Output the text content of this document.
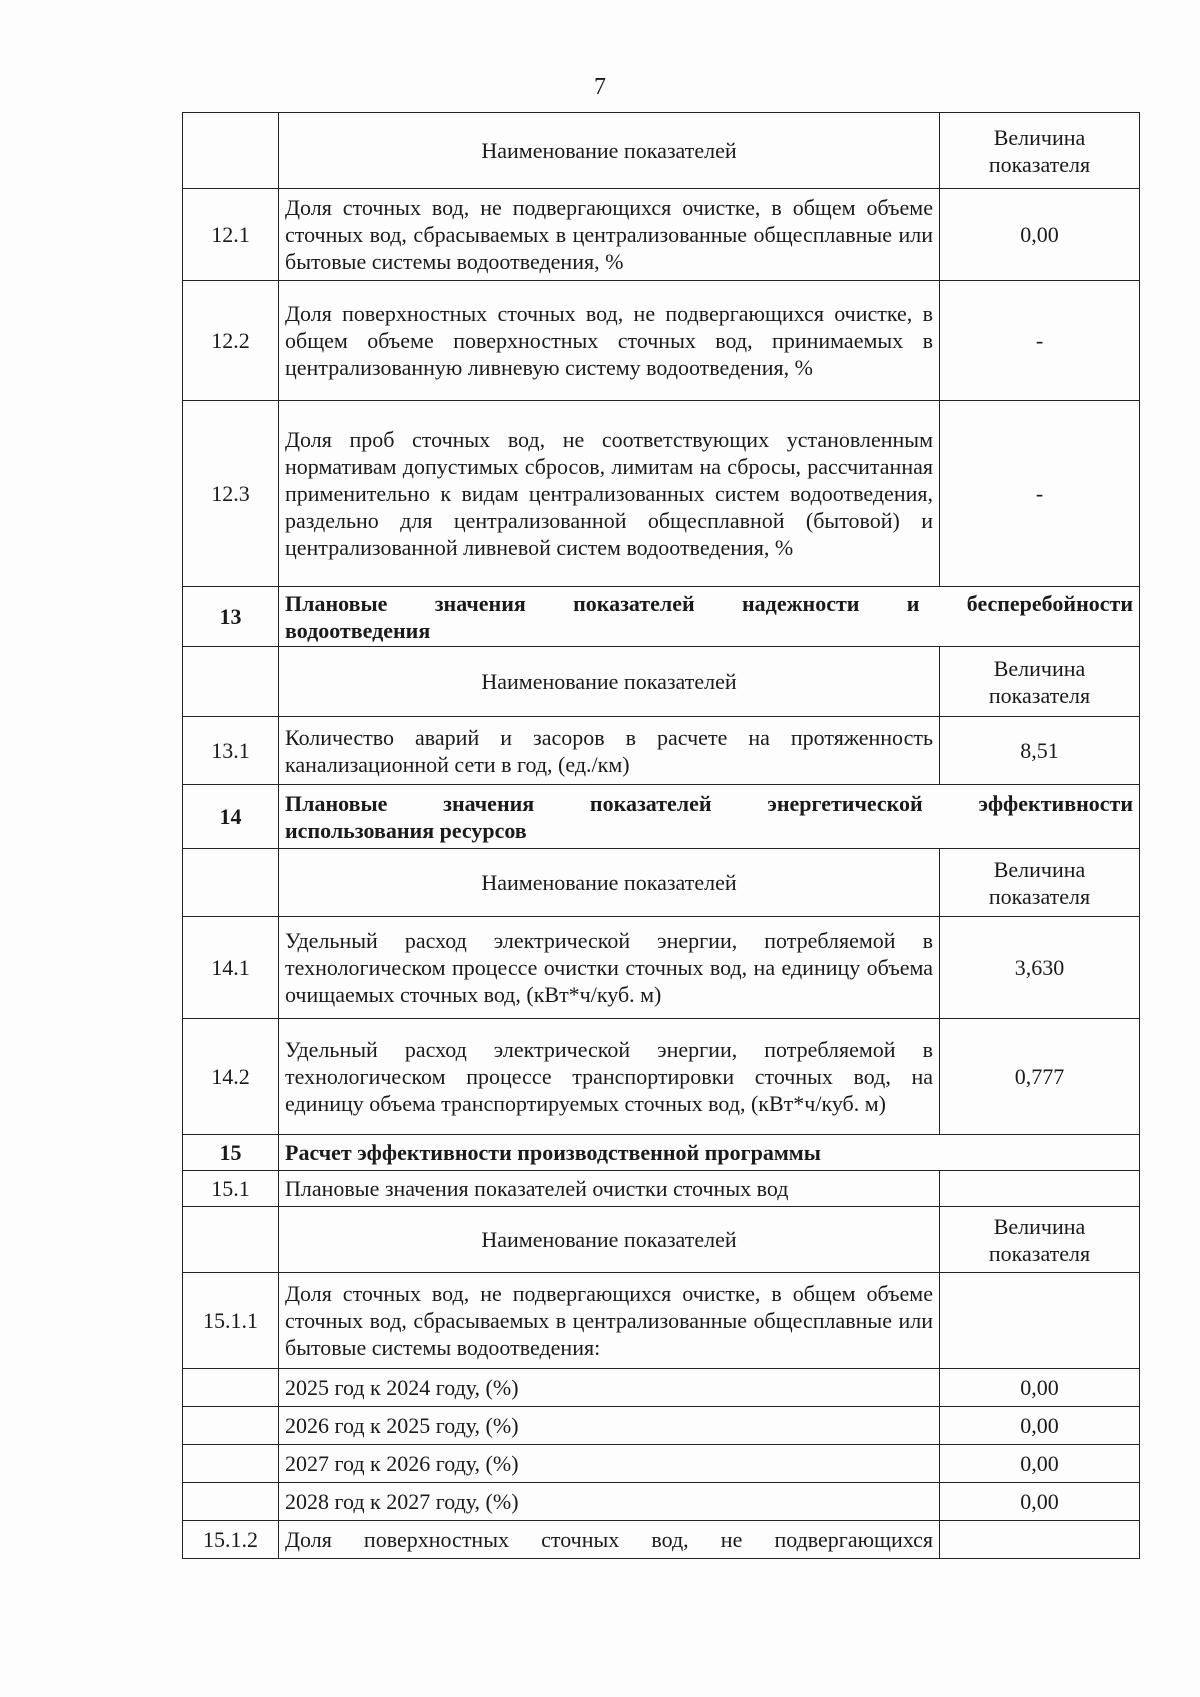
7
	Наименование показателей	Величина показателя
12.1	Доля сточных вод, не подвергающихся очистке, в общем объеме сточных вод, сбрасываемых в централизованные общесплавные или бытовые системы водоотведения, %	0,00
12.2	Доля поверхностных сточных вод, не подвергающихся очистке, в общем объеме поверхностных сточных вод, принимаемых в централизованную ливневую систему водоотведения, %	-
12.3	Доля проб сточных вод, не соответствующих установленным нормативам допустимых сбросов, лимитам на сбросы, рассчитанная применительно к видам централизованных систем водоотведения, раздельно для централизованной общесплавной (бытовой) и централизованной ливневой систем водоотведения, %	-
13	Плановые значения показателей надежности и бесперебойности
водоотведения	

	Наименование показателей	Величина показателя
13.1	Количество аварий и засоров в расчете на протяженность канализационной сети в год, (ед./км)	8,51
14	Плановые значения показателей энергетической эффективности
использования ресурсов	

	Наименование показателей	Величина показателя
14.1	Удельный расход электрической энергии, потребляемой в технологическом процессе очистки сточных вод, на единицу объема очищаемых сточных вод, (кВт*ч/куб. м)	3,630
14.2	Удельный расход электрической энергии, потребляемой в технологическом процессе транспортировки сточных вод, на единицу объема транспортируемых сточных вод, (кВт*ч/куб. м)	0,777
15	Расчет эффективности производственной программы	
15.1	Плановые значения показателей очистки сточных вод	
	Наименование показателей	Величина показателя
15.1.1	Доля сточных вод, не подвергающихся очистке, в общем объеме сточных вод, сбрасываемых в централизованные общесплавные или бытовые системы водоотведения:	
	2025 год к 2024 году, (%)	0,00
	2026 год к 2025 году, (%)	0,00
	2027 год к 2026 году, (%)	0,00
	2028 год к 2027 году, (%)	0,00
15.1.2	Доля поверхностных сточных вод, не подвергающихся	
